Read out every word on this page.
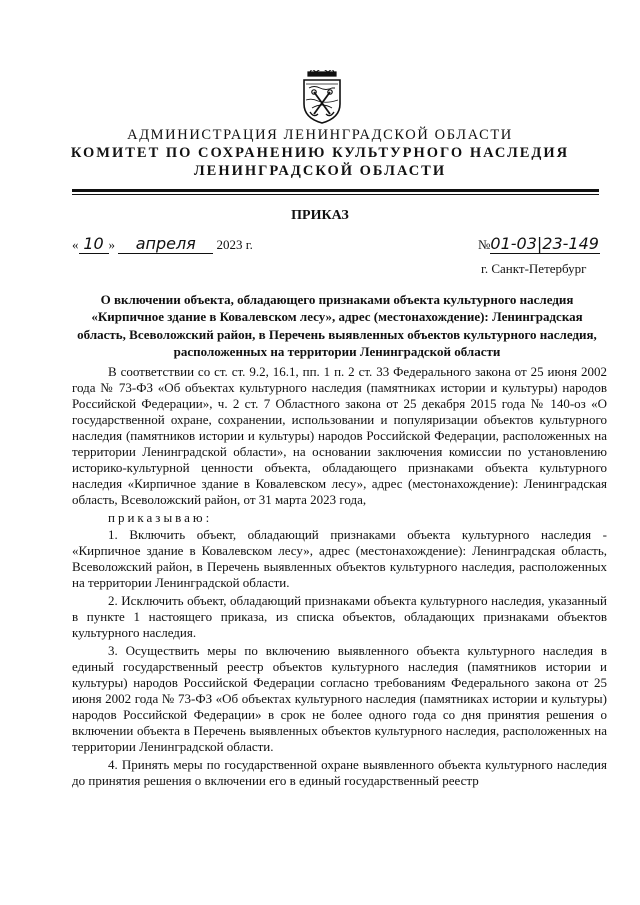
АДМИНИСТРАЦИЯ ЛЕНИНГРАДСКОЙ ОБЛАСТИ
КОМИТЕТ ПО СОХРАНЕНИЮ КУЛЬТУРНОГО НАСЛЕДИЯ
ЛЕНИНГРАДСКОЙ ОБЛАСТИ
ПРИКАЗ
« 10 » апреля 2023 г.	№01-03|23-149
г. Санкт-Петербург
О включении объекта, обладающего признаками объекта культурного наследия «Кирпичное здание в Ковалевском лесу», адрес (местонахождение): Ленинградская область, Всеволожский район, в Перечень выявленных объектов культурного наследия, расположенных на территории Ленинградской области

В соответствии со ст. ст. 9.2, 16.1, пп. 1 п. 2 ст. 33 Федерального закона от 25 июня 2002 года № 73-ФЗ «Об объектах культурного наследия (памятниках истории и культуры) народов Российской Федерации», ч. 2 ст. 7 Областного закона от 25 декабря 2015 года № 140-оз «О государственной охране, сохранении, использовании и популяризации объектов культурного наследия (памятников истории и культуры) народов Российской Федерации, расположенных на территории Ленинградской области», на основании заключения комиссии по установлению историко-культурной ценности объекта, обладающего признаками объекта культурного наследия «Кирпичное здание в Ковалевском лесу», адрес (местонахождение): Ленинградская область, Всеволожский район, от 31 марта 2023 года,

приказываю:

1. Включить объект, обладающий признаками объекта культурного наследия - «Кирпичное здание в Ковалевском лесу», адрес (местонахождение): Ленинградская область, Всеволожский район, в Перечень выявленных объектов культурного наследия, расположенных на территории Ленинградской области.

2. Исключить объект, обладающий признаками объекта культурного наследия, указанный в пункте 1 настоящего приказа, из списка объектов, обладающих признаками объектов культурного наследия.

3. Осуществить меры по включению выявленного объекта культурного наследия в единый государственный реестр объектов культурного наследия (памятников истории и культуры) народов Российской Федерации согласно требованиям Федерального закона от 25 июня 2002 года № 73-ФЗ «Об объектах культурного наследия (памятниках истории и культуры) народов Российской Федерации» в срок не более одного года со дня принятия решения о включении объекта в Перечень выявленных объектов культурного наследия, расположенных на территории Ленинградской области.

4. Принять меры по государственной охране выявленного объекта культурного наследия до принятия решения о включении его в единый государственный реестр
